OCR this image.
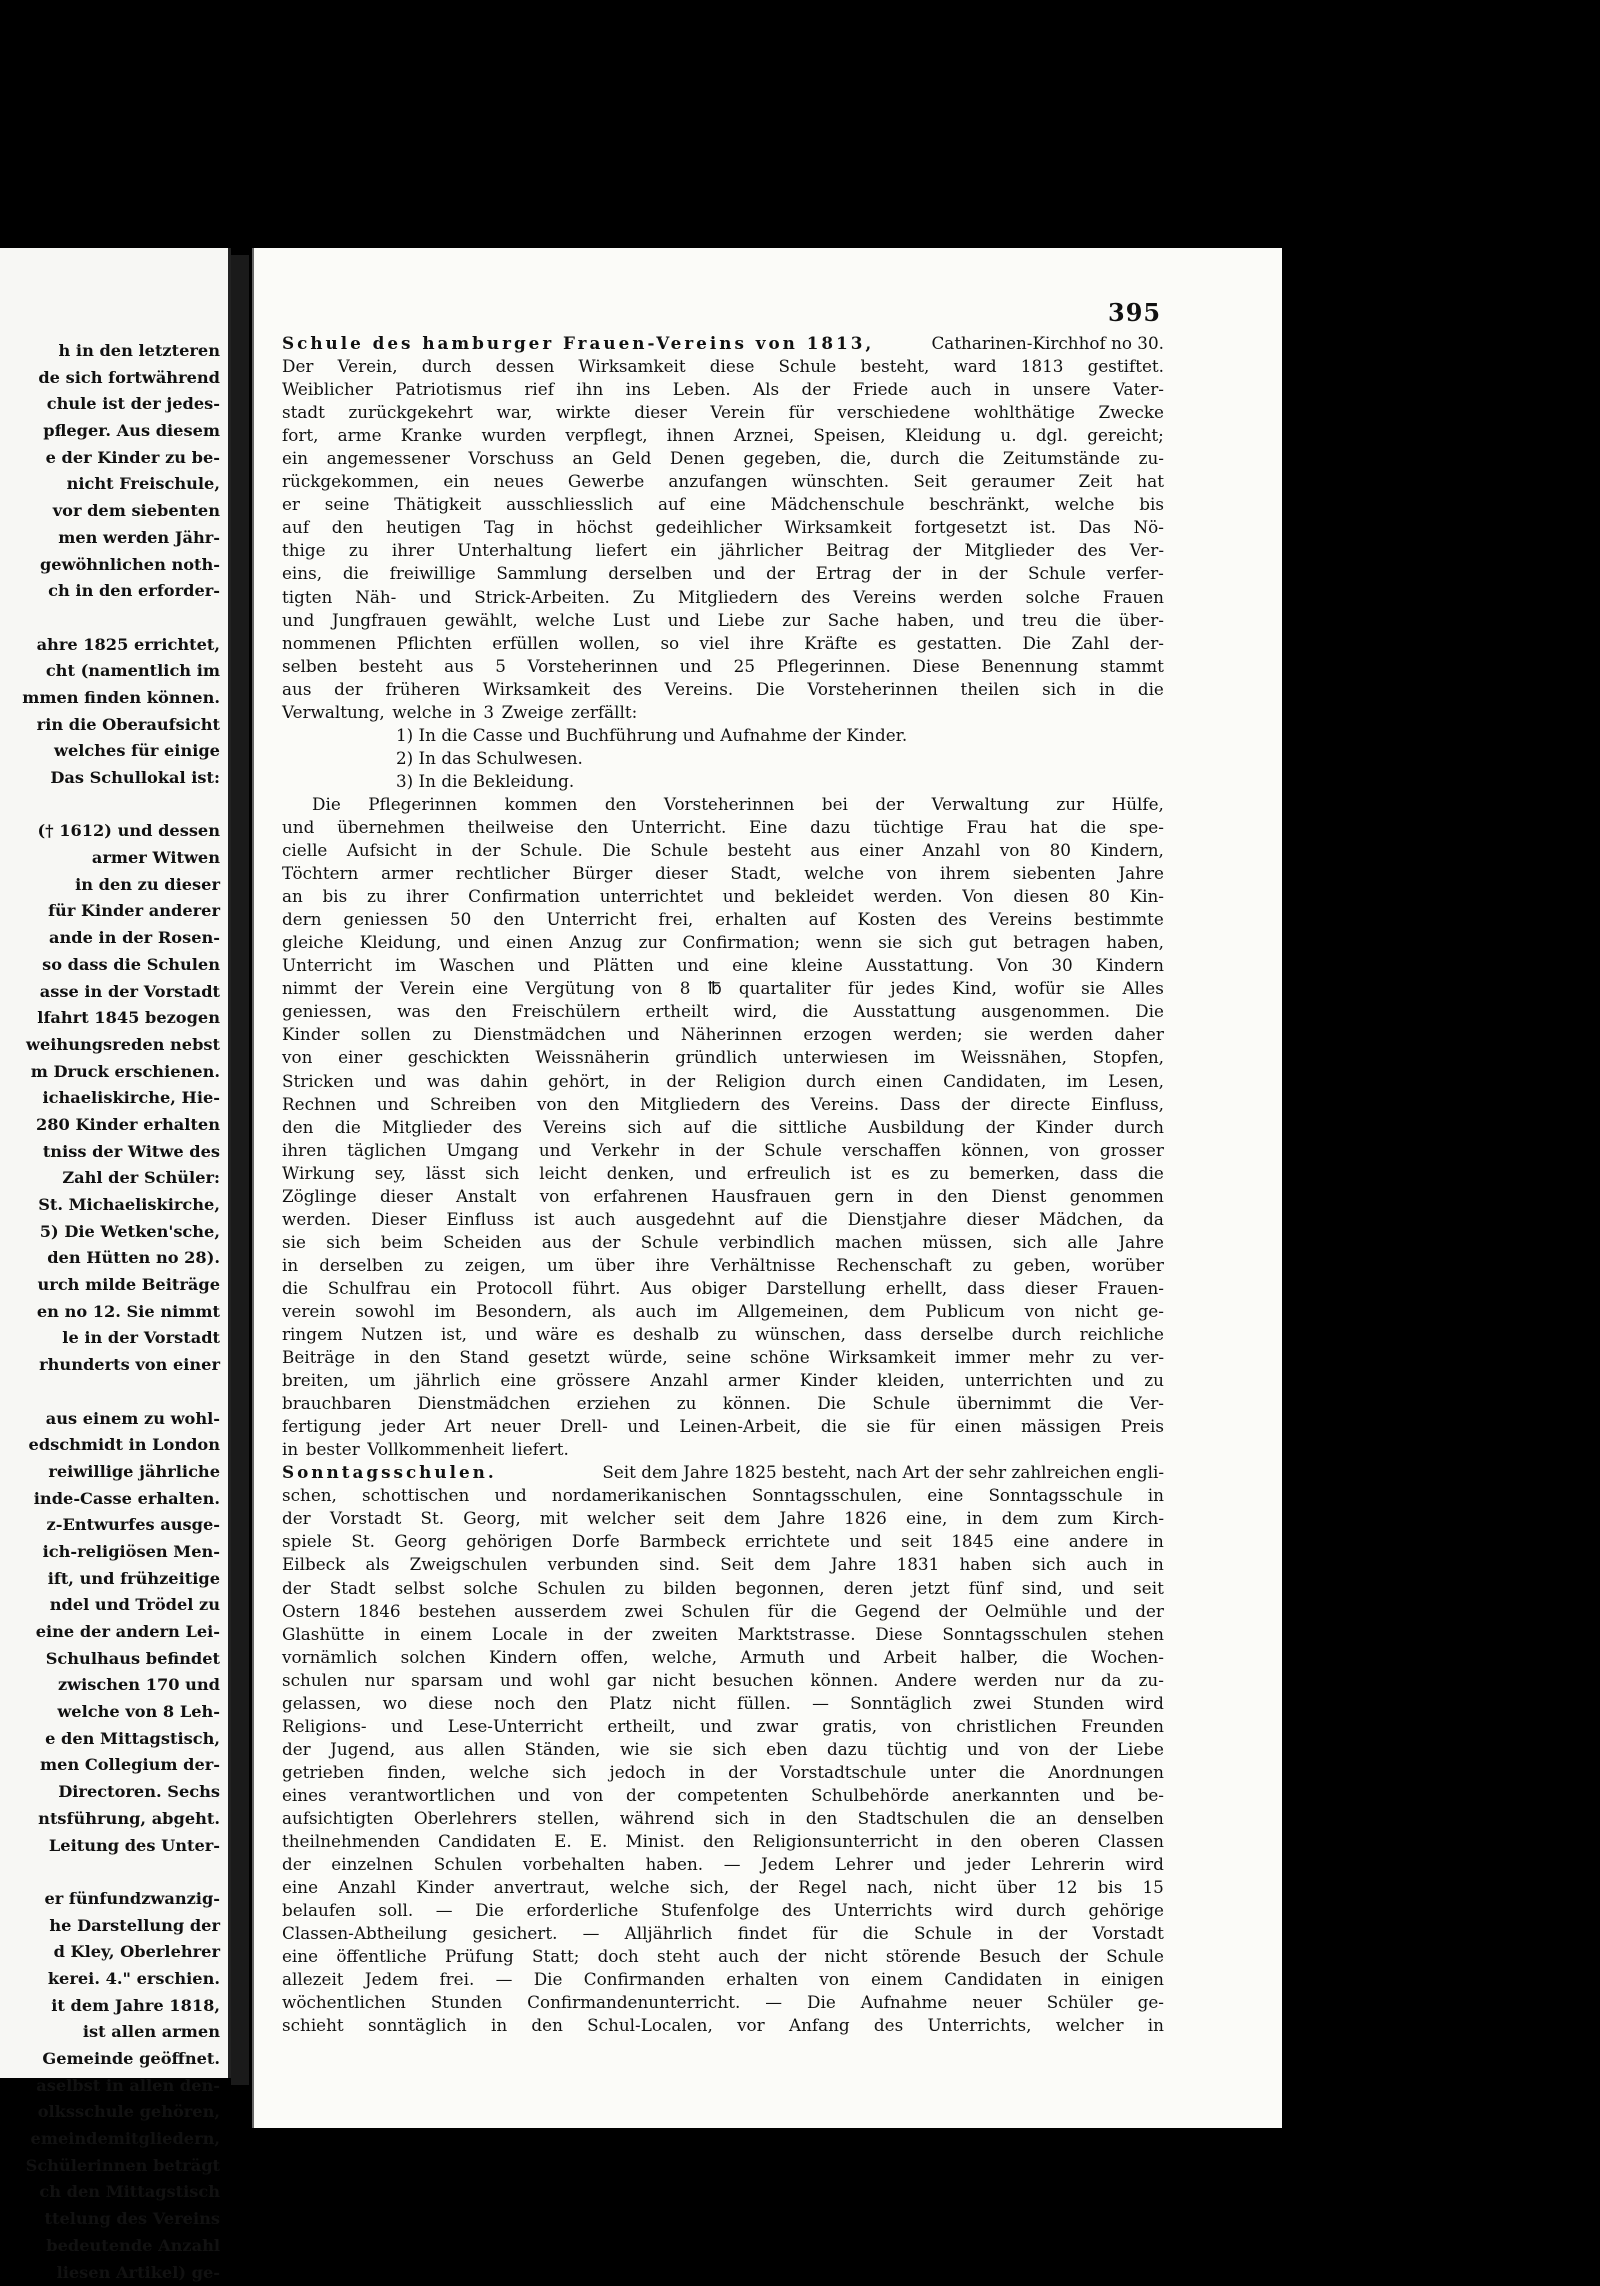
h in den letzteren
de sich fortwährend
chule ist der jedes-
pfleger. Aus diesem
e der Kinder zu be-
nicht Freischule,
vor dem siebenten
men werden Jähr-
gewöhnlichen noth-
ch in den erforder-
ahre 1825 errichtet,
cht (namentlich im
mmen finden können.
rin die Oberaufsicht
welches für einige
Das Schullokal ist:
(† 1612) und dessen
armer Witwen
in den zu dieser
für Kinder anderer
ande in der Rosen-
so dass die Schulen
asse in der Vorstadt
lfahrt 1845 bezogen
weihungsreden nebst
m Druck erschienen.
ichaeliskirche, Hie-
280 Kinder erhalten
tniss der Witwe des
Zahl der Schüler:
St. Michaeliskirche,
5) Die Wetken'sche,
den Hütten no 28).
urch milde Beiträge
en no 12. Sie nimmt
le in der Vorstadt
rhunderts von einer
aus einem zu wohl-
edschmidt in London
reiwillige jährliche
inde-Casse erhalten.
z-Entwurfes ausge-
ich-religiösen Men-
ift, und frühzeitige
ndel und Trödel zu
eine der andern Lei-
Schulhaus befindet
zwischen 170 und
welche von 8 Leh-
e den Mittagstisch,
men Collegium der-
Directoren. Sechs
ntsführung, abgeht.
Leitung des Unter-
er fünfundzwanzig-
he Darstellung der
d Kley, Oberlehrer
kerei. 4." erschien.
it dem Jahre 1818,
ist allen armen
Gemeinde geöffnet.
aselbst in allen den-
olksschule gehören,
emeindemitgliedern,
Schülerinnen beträgt
ch den Mittagstisch
ttelung des Vereins
bedeutende Anzahl
liesen Artikel) ge-
395
Schule des hamburger Frauen-Vereins von 1813,	Catharinen-Kirchhof no 30.
Der Verein, durch dessen Wirksamkeit diese Schule besteht, ward 1813 gestiftet.
Weiblicher Patriotismus rief ihn ins Leben. Als der Friede auch in unsere Vater-
stadt zurückgekehrt war, wirkte dieser Verein für verschiedene wohlthätige Zwecke
fort, arme Kranke wurden verpflegt, ihnen Arznei, Speisen, Kleidung u. dgl. gereicht;
ein angemessener Vorschuss an Geld Denen gegeben, die, durch die Zeitumstände zu-
rückgekommen, ein neues Gewerbe anzufangen wünschten. Seit geraumer Zeit hat
er seine Thätigkeit ausschliesslich auf eine Mädchenschule beschränkt, welche bis
auf den heutigen Tag in höchst gedeihlicher Wirksamkeit fortgesetzt ist. Das Nö-
thige zu ihrer Unterhaltung liefert ein jährlicher Beitrag der Mitglieder des Ver-
eins, die freiwillige Sammlung derselben und der Ertrag der in der Schule verfer-
tigten Näh- und Strick-Arbeiten. Zu Mitgliedern des Vereins werden solche Frauen
und Jungfrauen gewählt, welche Lust und Liebe zur Sache haben, und treu die über-
nommenen Pflichten erfüllen wollen, so viel ihre Kräfte es gestatten. Die Zahl der-
selben besteht aus 5 Vorsteherinnen und 25 Pflegerinnen. Diese Benennung stammt
aus der früheren Wirksamkeit des Vereins. Die Vorsteherinnen theilen sich in die
Verwaltung, welche in 3 Zweige zerfällt:
1) In die Casse und Buchführung und Aufnahme der Kinder.
2) In das Schulwesen.
3) In die Bekleidung.
Die Pflegerinnen kommen den Vorsteherinnen bei der Verwaltung zur Hülfe,
und übernehmen theilweise den Unterricht. Eine dazu tüchtige Frau hat die spe-
cielle Aufsicht in der Schule. Die Schule besteht aus einer Anzahl von 80 Kindern,
Töchtern armer rechtlicher Bürger dieser Stadt, welche von ihrem siebenten Jahre
an bis zu ihrer Confirmation unterrichtet und bekleidet werden. Von diesen 80 Kin-
dern geniessen 50 den Unterricht frei, erhalten auf Kosten des Vereins bestimmte
gleiche Kleidung, und einen Anzug zur Confirmation; wenn sie sich gut betragen haben,
Unterricht im Waschen und Plätten und eine kleine Ausstattung. Von 30 Kindern
nimmt der Verein eine Vergütung von 8 ℔ quartaliter für jedes Kind, wofür sie Alles
geniessen, was den Freischülern ertheilt wird, die Ausstattung ausgenommen. Die
Kinder sollen zu Dienstmädchen und Näherinnen erzogen werden; sie werden daher
von einer geschickten Weissnäherin gründlich unterwiesen im Weissnähen, Stopfen,
Stricken und was dahin gehört, in der Religion durch einen Candidaten, im Lesen,
Rechnen und Schreiben von den Mitgliedern des Vereins. Dass der directe Einfluss,
den die Mitglieder des Vereins sich auf die sittliche Ausbildung der Kinder durch
ihren täglichen Umgang und Verkehr in der Schule verschaffen können, von grosser
Wirkung sey, lässt sich leicht denken, und erfreulich ist es zu bemerken, dass die
Zöglinge dieser Anstalt von erfahrenen Hausfrauen gern in den Dienst genommen
werden. Dieser Einfluss ist auch ausgedehnt auf die Dienstjahre dieser Mädchen, da
sie sich beim Scheiden aus der Schule verbindlich machen müssen, sich alle Jahre
in derselben zu zeigen, um über ihre Verhältnisse Rechenschaft zu geben, worüber
die Schulfrau ein Protocoll führt. Aus obiger Darstellung erhellt, dass dieser Frauen-
verein sowohl im Besondern, als auch im Allgemeinen, dem Publicum von nicht ge-
ringem Nutzen ist, und wäre es deshalb zu wünschen, dass derselbe durch reichliche
Beiträge in den Stand gesetzt würde, seine schöne Wirksamkeit immer mehr zu ver-
breiten, um jährlich eine grössere Anzahl armer Kinder kleiden, unterrichten und zu
brauchbaren Dienstmädchen erziehen zu können. Die Schule übernimmt die Ver-
fertigung jeder Art neuer Drell- und Leinen-Arbeit, die sie für einen mässigen Preis
in bester Vollkommenheit liefert.
Sonntagsschulen.	Seit dem Jahre 1825 besteht, nach Art der sehr zahlreichen engli-
schen, schottischen und nordamerikanischen Sonntagsschulen, eine Sonntagsschule in
der Vorstadt St. Georg, mit welcher seit dem Jahre 1826 eine, in dem zum Kirch-
spiele St. Georg gehörigen Dorfe Barmbeck errichtete und seit 1845 eine andere in
Eilbeck als Zweigschulen verbunden sind. Seit dem Jahre 1831 haben sich auch in
der Stadt selbst solche Schulen zu bilden begonnen, deren jetzt fünf sind, und seit
Ostern 1846 bestehen ausserdem zwei Schulen für die Gegend der Oelmühle und der
Glashütte in einem Locale in der zweiten Marktstrasse. Diese Sonntagsschulen stehen
vornämlich solchen Kindern offen, welche, Armuth und Arbeit halber, die Wochen-
schulen nur sparsam und wohl gar nicht besuchen können. Andere werden nur da zu-
gelassen, wo diese noch den Platz nicht füllen. — Sonntäglich zwei Stunden wird
Religions- und Lese-Unterricht ertheilt, und zwar gratis, von christlichen Freunden
der Jugend, aus allen Ständen, wie sie sich eben dazu tüchtig und von der Liebe
getrieben finden, welche sich jedoch in der Vorstadtschule unter die Anordnungen
eines verantwortlichen und von der competenten Schulbehörde anerkannten und be-
aufsichtigten Oberlehrers stellen, während sich in den Stadtschulen die an denselben
theilnehmenden Candidaten E. E. Minist. den Religionsunterricht in den oberen Classen
der einzelnen Schulen vorbehalten haben. — Jedem Lehrer und jeder Lehrerin wird
eine Anzahl Kinder anvertraut, welche sich, der Regel nach, nicht über 12 bis 15
belaufen soll. — Die erforderliche Stufenfolge des Unterrichts wird durch gehörige
Classen-Abtheilung gesichert. — Alljährlich findet für die Schule in der Vorstadt
eine öffentliche Prüfung Statt; doch steht auch der nicht störende Besuch der Schule
allezeit Jedem frei. — Die Confirmanden erhalten von einem Candidaten in einigen
wöchentlichen Stunden Confirmandenunterricht. — Die Aufnahme neuer Schüler ge-
schieht sonntäglich in den Schul-Localen, vor Anfang des Unterrichts, welcher in
